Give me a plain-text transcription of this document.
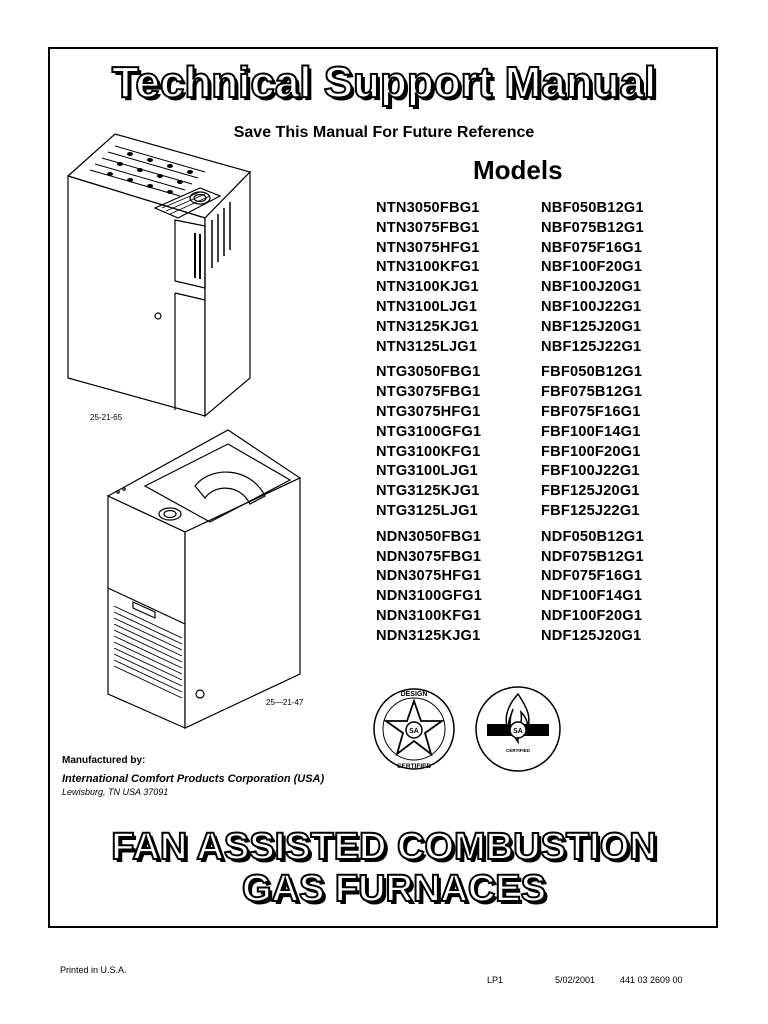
Technical Support Manual
Save This Manual For Future Reference
Models
NTN3050FBG1	NBF050B12G1
NTN3075FBG1	NBF075B12G1
NTN3075HFG1	NBF075F16G1
NTN3100KFG1	NBF100F20G1
NTN3100KJG1	NBF100J20G1
NTN3100LJG1	NBF100J22G1
NTN3125KJG1	NBF125J20G1
NTN3125LJG1	NBF125J22G1
NTG3050FBG1	FBF050B12G1
NTG3075FBG1	FBF075B12G1
NTG3075HFG1	FBF075F16G1
NTG3100GFG1	FBF100F14G1
NTG3100KFG1	FBF100F20G1
NTG3100LJG1	FBF100J22G1
NTG3125KJG1	FBF125J20G1
NTG3125LJG1	FBF125J22G1
NDN3050FBG1	NDF050B12G1
NDN3075FBG1	NDF075B12G1
NDN3075HFG1	NDF075F16G1
NDN3100GFG1	NDF100F14G1
NDN3100KFG1	NDF100F20G1
NDN3125KJG1	NDF125J20G1
25-21-65
25—21-47
SA
DESIGN
CERTIFIED
SA
CERTIFIED
Manufactured by:
International Comfort Products Corporation (USA)
Lewisburg, TN USA 37091
FAN ASSISTED COMBUSTION
GAS FURNACES
Printed in U.S.A.
LP1	5/02/2001	441 03 2609 00
